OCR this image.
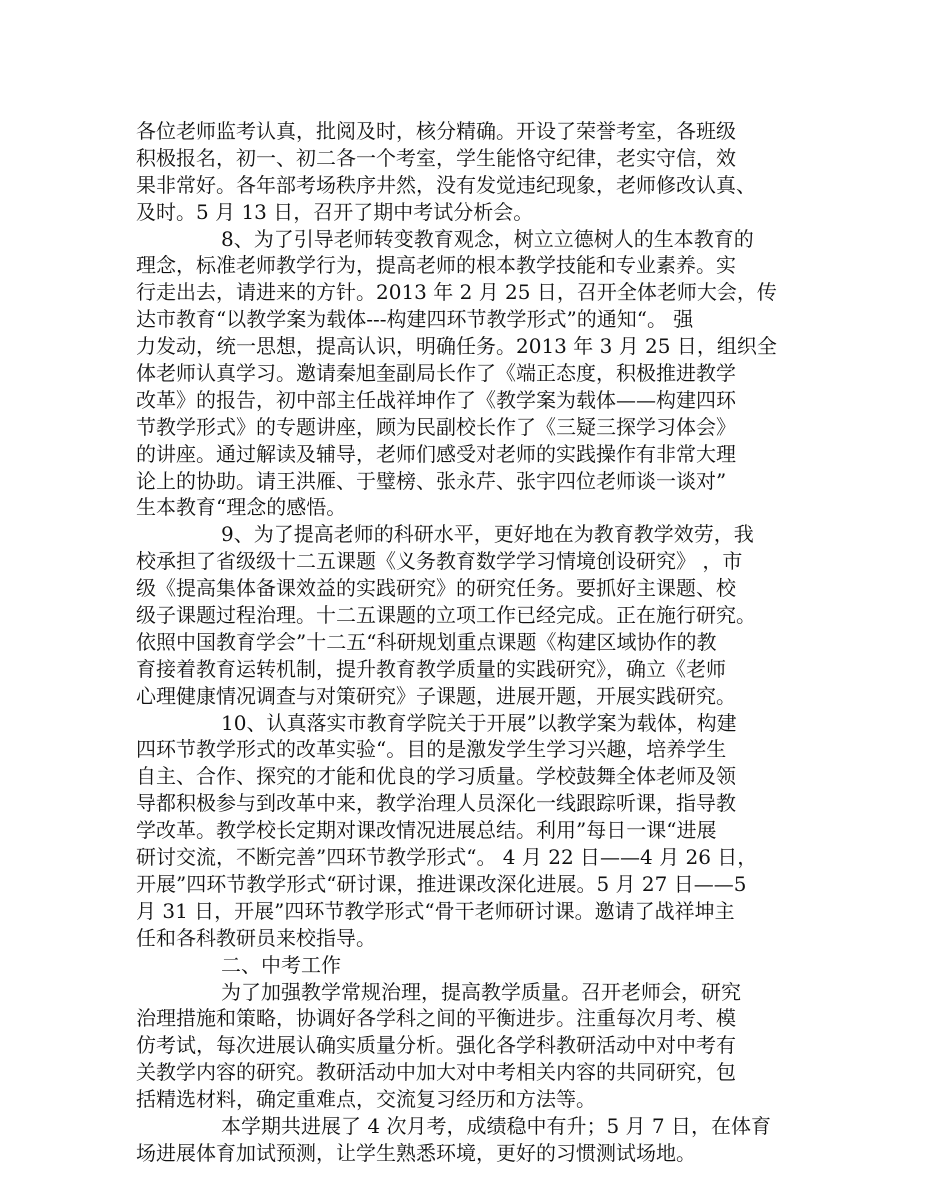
各位老师监考认真，批阅及时，核分精确。开设了荣誉考室，各班级
积极报名，初一、初二各一个考室，学生能恪守纪律，老实守信，效
果非常好。各年部考场秩序井然，没有发觉违纪现象，老师修改认真、
及时。5 月 13 日，召开了期中考试分析会。
8、为了引导老师转变教育观念，树立立德树人的生本教育的
理念，标准老师教学行为，提高老师的根本教学技能和专业素养。实
行走出去，请进来的方针。2013 年 2 月 25 日，召开全体老师大会，传
达市教育“以教学案为载体---构建四环节教学形式”的通知“。 强
力发动，统一思想，提高认识，明确任务。2013 年 3 月 25 日，组织全
体老师认真学习。邀请秦旭奎副局长作了《端正态度，积极推进教学
改革》的报告，初中部主任战祥坤作了《教学案为载体——构建四环
节教学形式》的专题讲座，顾为民副校长作了《三疑三探学习体会》
的讲座。通过解读及辅导，老师们感受对老师的实践操作有非常大理
论上的协助。请王洪雁、于璧榜、张永芹、张宇四位老师谈一谈对”
生本教育“理念的感悟。
9、为了提高老师的科研水平，更好地在为教育教学效劳，我
校承担了省级级十二五课题《义务教育数学学习情境创设研究》 ，市
级《提高集体备课效益的实践研究》的研究任务。要抓好主课题、校
级子课题过程治理。十二五课题的立项工作已经完成。正在施行研究。
依照中国教育学会”十二五“科研规划重点课题《构建区域协作的教
育接着教育运转机制，提升教育教学质量的实践研究》，确立《老师
心理健康情况调查与对策研究》子课题，进展开题，开展实践研究。
10、认真落实市教育学院关于开展”以教学案为载体，构建
四环节教学形式的改革实验“。目的是激发学生学习兴趣，培养学生
自主、合作、探究的才能和优良的学习质量。学校鼓舞全体老师及领
导都积极参与到改革中来，教学治理人员深化一线跟踪听课，指导教
学改革。教学校长定期对课改情况进展总结。利用”每日一课“进展
研讨交流，不断完善”四环节教学形式“。 4 月 22 日——4 月 26 日，
开展”四环节教学形式“研讨课，推进课改深化进展。5 月 27 日——5
月 31 日，开展”四环节教学形式“骨干老师研讨课。邀请了战祥坤主
任和各科教研员来校指导。
二、中考工作
为了加强教学常规治理，提高教学质量。召开老师会，研究
治理措施和策略，协调好各学科之间的平衡进步。注重每次月考、模
仿考试，每次进展认确实质量分析。强化各学科教研活动中对中考有
关教学内容的研究。教研活动中加大对中考相关内容的共同研究，包
括精选材料，确定重难点，交流复习经历和方法等。
本学期共进展了 4 次月考，成绩稳中有升；5 月 7 日，在体育
场进展体育加试预测，让学生熟悉环境，更好的习惯测试场地。
